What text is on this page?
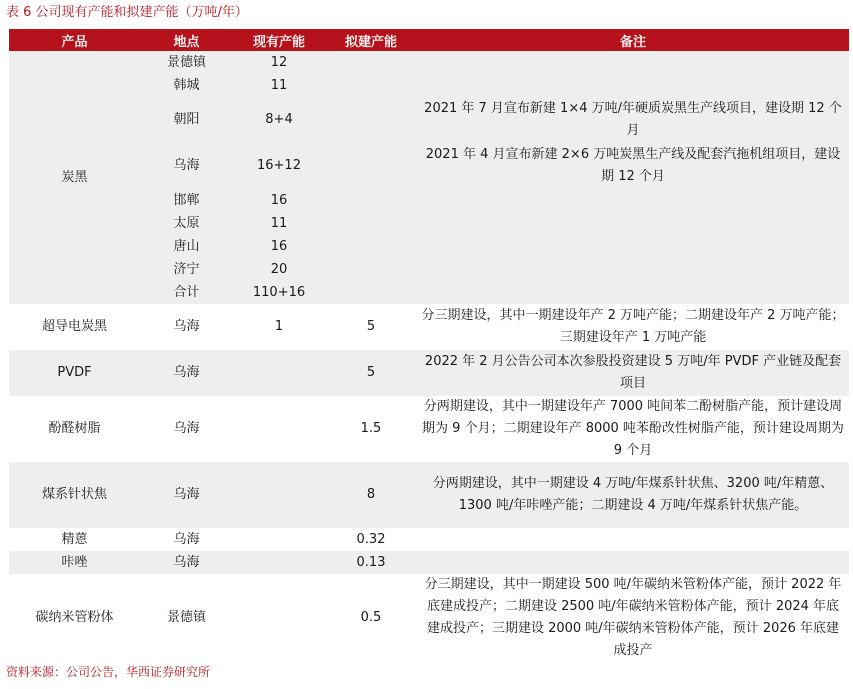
表 6 公司现有产能和拟建产能（万吨/年）
产品	地点	现有产能	拟建产能	备注
炭黑	景德镇	12		
	韩城	11		
	朝阳	8+4		2021 年 7 月宣布新建 1×4 万吨/年硬质炭黑生产线项目，建设期 12 个月
	乌海	16+12		2021 年 4 月宣布新建 2×6 万吨炭黑生产线及配套汽拖机组项目，建设期 12 个月
	邯郸	16		
	太原	11		
	唐山	16		
	济宁	20		
	合计	110+16		
超导电炭黑	乌海	1	5	分三期建设，其中一期建设年产 2 万吨产能；二期建设年产 2 万吨产能；三期建设年产 1 万吨产能
PVDF	乌海		5	2022 年 2 月公告公司本次参股投资建设 5 万吨/年 PVDF 产业链及配套项目
酚醛树脂	乌海		1.5	分两期建设，其中一期建设年产 7000 吨间苯二酚树脂产能，预计建设周期为 9 个月；二期建设年产 8000 吨苯酚改性树脂产能，预计建设周期为 9 个月
煤系针状焦	乌海		8	分两期建设，其中一期建设 4 万吨/年煤系针状焦、3200 吨/年精蒽、1300 吨/年咔唑产能；二期建设 4 万吨/年煤系针状焦产能。
精蒽	乌海		0.32	
咔唑	乌海		0.13	
碳纳米管粉体	景德镇		0.5	分三期建设，其中一期建设 500 吨/年碳纳米管粉体产能，预计 2022 年底建成投产；二期建设 2500 吨/年碳纳米管粉体产能，预计 2024 年底建成投产；三期建设 2000 吨/年碳纳米管粉体产能，预计 2026 年底建成投产
资料来源：公司公告，华西证券研究所
